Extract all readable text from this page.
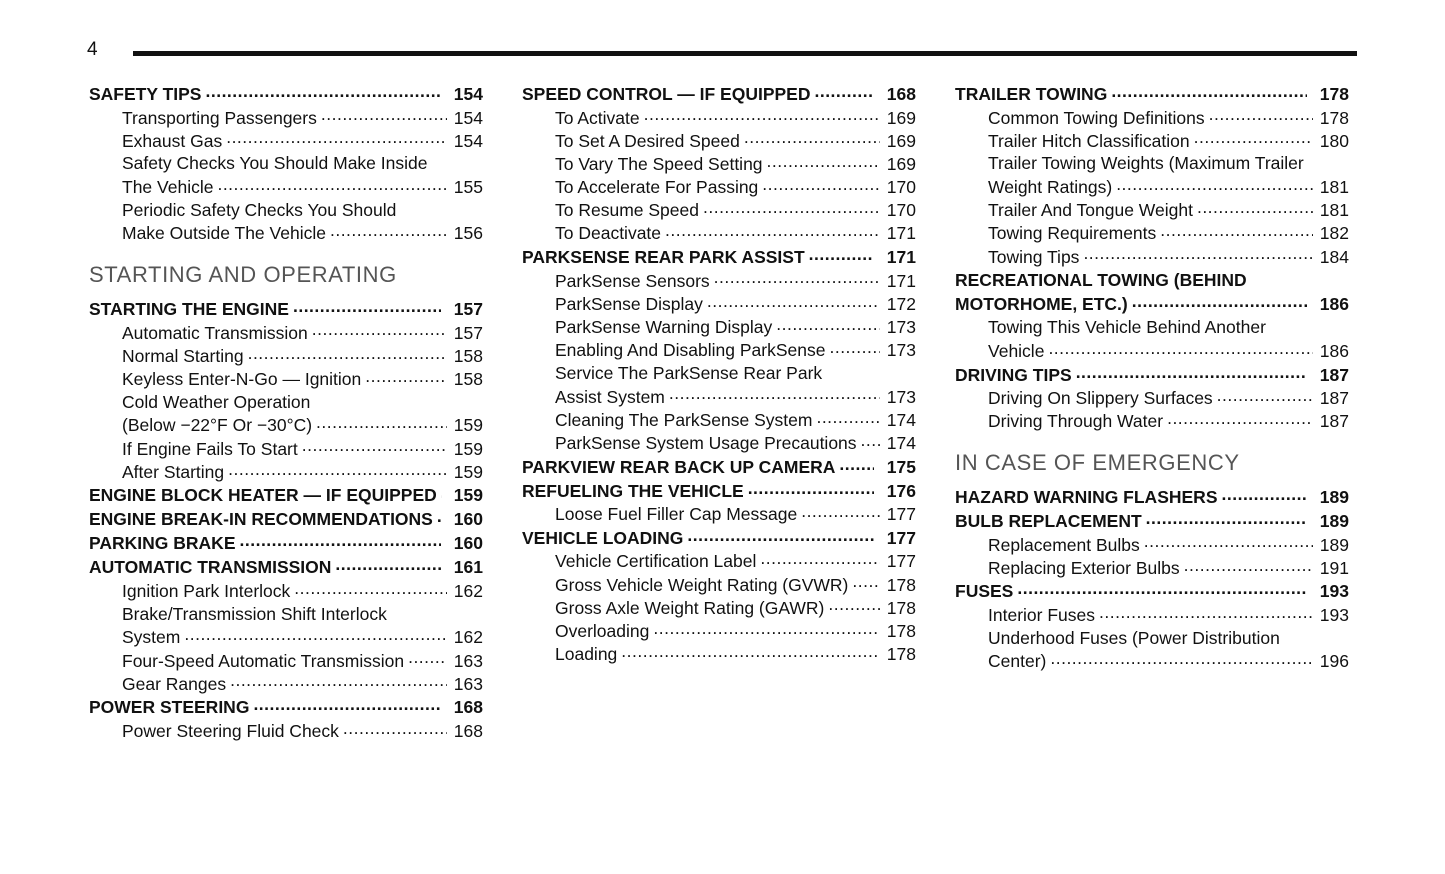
4
SAFETY TIPS .....	154
Transporting Passengers .....	154
Exhaust Gas .....	154
Safety Checks You Should Make Inside
The Vehicle .....	155
Periodic Safety Checks You Should
Make Outside The Vehicle .....	156
STARTING AND OPERATING
STARTING THE ENGINE .....	157
Automatic Transmission .....	157
Normal Starting .....	158
Keyless Enter-N-Go — Ignition .....	158
Cold Weather Operation
(Below −22°F Or −30°C) .....	159
If Engine Fails To Start .....	159
After Starting .....	159
ENGINE BLOCK HEATER — IF EQUIPPED ..... 159
ENGINE BREAK-IN RECOMMENDATIONS .....	160
PARKING BRAKE .....	160
AUTOMATIC TRANSMISSION .....	161
Ignition Park Interlock .....	162
Brake/Transmission Shift Interlock
System .....	162
Four-Speed Automatic Transmission .....	163
Gear Ranges .....	163
POWER STEERING .....	168
Power Steering Fluid Check .....	168
SPEED CONTROL — IF EQUIPPED .....	168
To Activate .....	169
To Set A Desired Speed .....	169
To Vary The Speed Setting .....	169
To Accelerate For Passing .....	170
To Resume Speed .....	170
To Deactivate .....	171
PARKSENSE REAR PARK ASSIST .....	171
ParkSense Sensors .....	171
ParkSense Display .....	172
ParkSense Warning Display .....	173
Enabling And Disabling ParkSense .....	173
Service The ParkSense Rear Park
Assist System .....	173
Cleaning The ParkSense System .....	174
ParkSense System Usage Precautions ..... 174
PARKVIEW REAR BACK UP CAMERA .....	175
REFUELING THE VEHICLE .....	176
Loose Fuel Filler Cap Message .....	177
VEHICLE LOADING .....	177
Vehicle Certification Label .....	177
Gross Vehicle Weight Rating (GVWR) ..... 178
Gross Axle Weight Rating (GAWR) .....	178
Overloading .....	178
Loading .....	178
TRAILER TOWING .....	178
Common Towing Definitions .....	178
Trailer Hitch Classification .....	180
Trailer Towing Weights (Maximum Trailer
Weight Ratings) .....	181
Trailer And Tongue Weight .....	181
Towing Requirements .....	182
Towing Tips .....	184
RECREATIONAL TOWING (BEHIND
MOTORHOME, ETC.) .....	186
Towing This Vehicle Behind Another
Vehicle .....	186
DRIVING TIPS .....	187
Driving On Slippery Surfaces .....	187
Driving Through Water .....	187
IN CASE OF EMERGENCY
HAZARD WARNING FLASHERS .....	189
BULB REPLACEMENT .....	189
Replacement Bulbs .....	189
Replacing Exterior Bulbs .....	191
FUSES .....	193
Interior Fuses .....	193
Underhood Fuses (Power Distribution
Center) .....	196
